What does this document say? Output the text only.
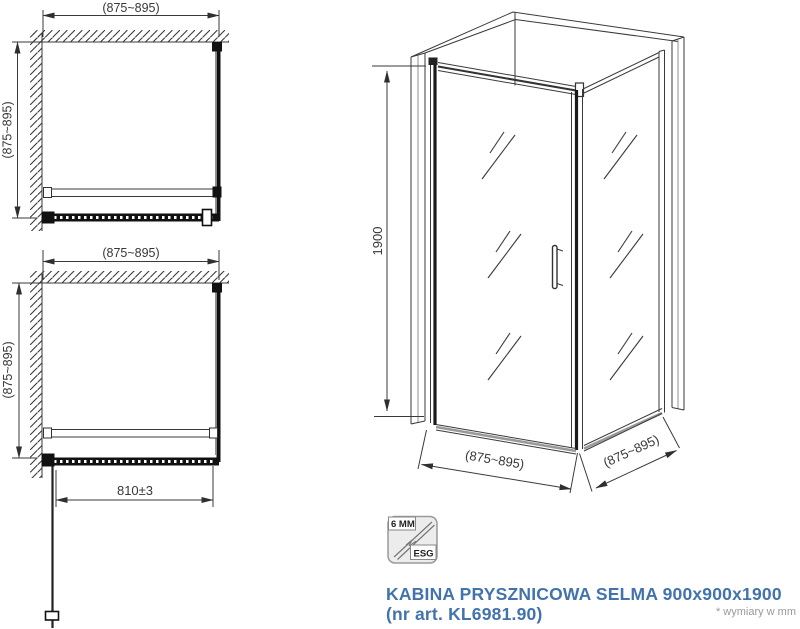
(875~895)
(875~895)
(875~895)
(875~895)
810±3
1900
(875~895)	(875~895)
6 MM
ESG
KABINA PRYSZNICOWA SELMA 900x900x1900
(nr art. KL6981.90)	* wymiary w mm
